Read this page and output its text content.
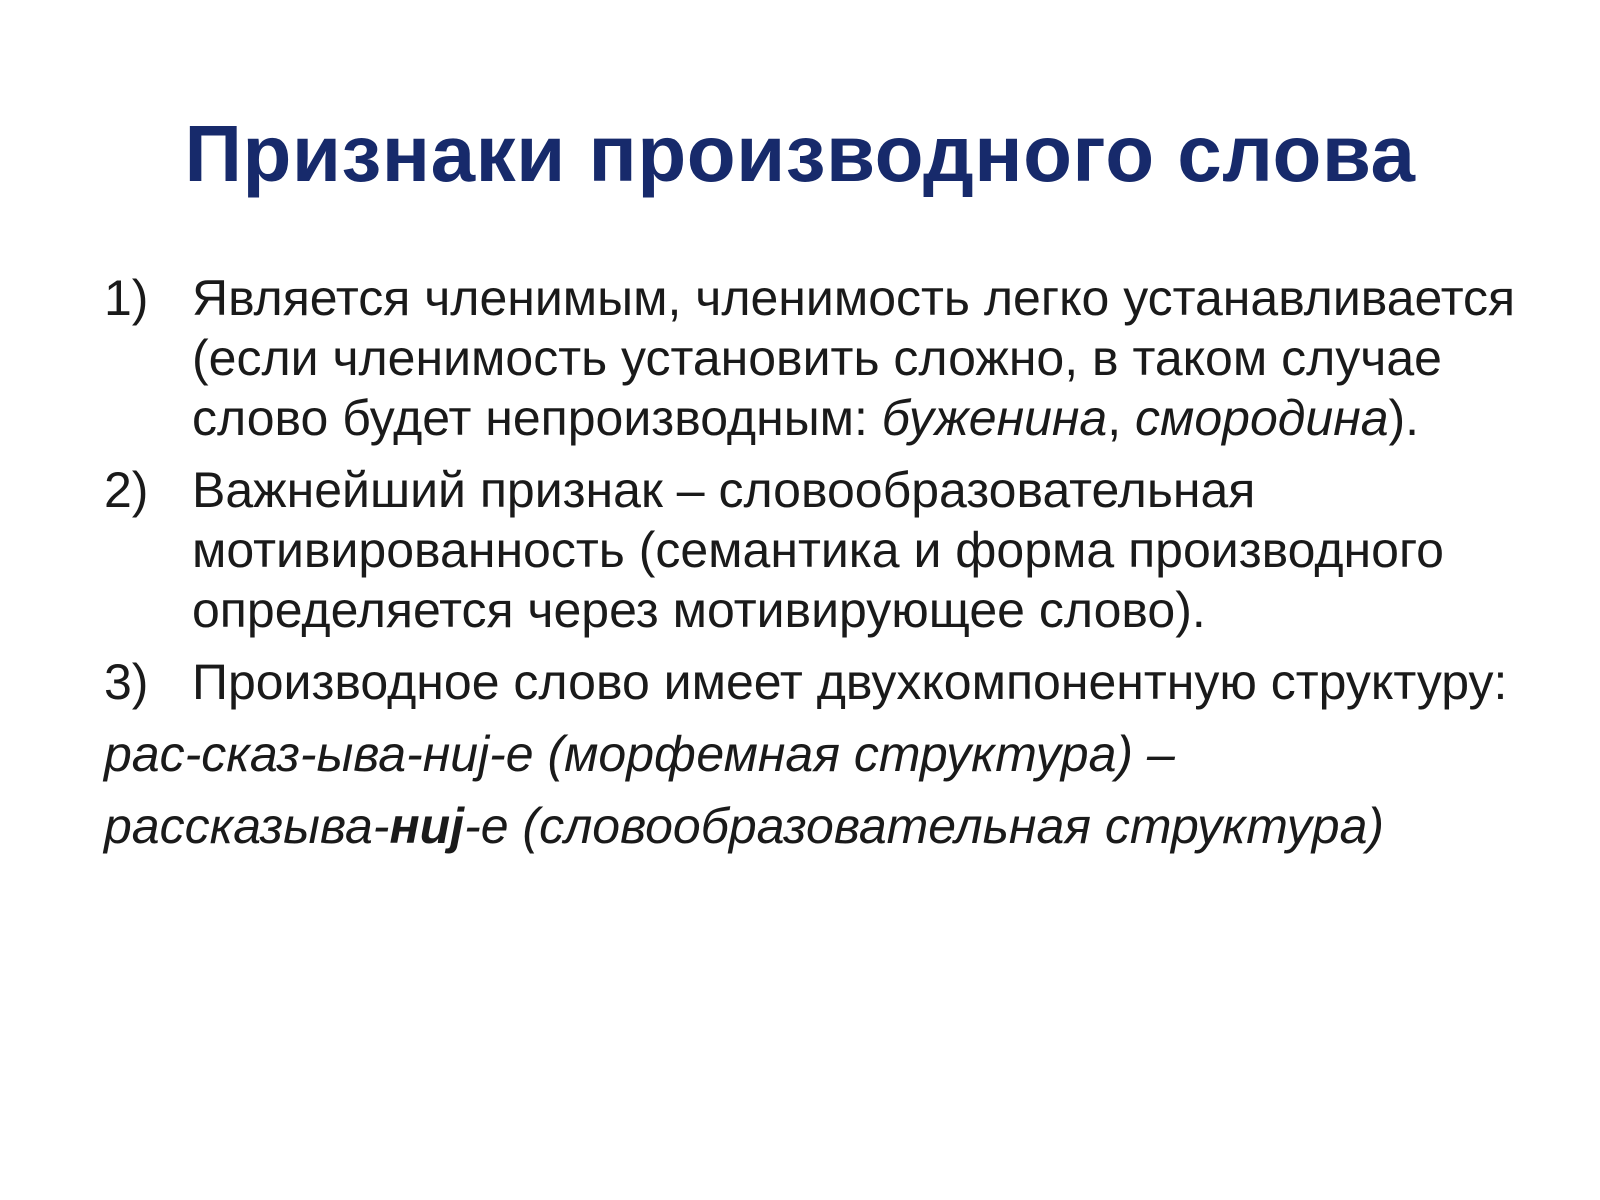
Признаки производного слова
1) Является членимым, членимость легко устанавливается (если членимость установить сложно, в таком случае слово будет непроизводным: буженина, смородина).
2) Важнейший признак – словообразовательная мотивированность (семантика и форма производного определяется через мотивирующее слово).
3) Производное слово имеет двухкомпонентную структуру:
рас-сказ-ыва-ниj-е (морфемная структура) –
рассказыва-ниj-е (словообразовательная структура)
